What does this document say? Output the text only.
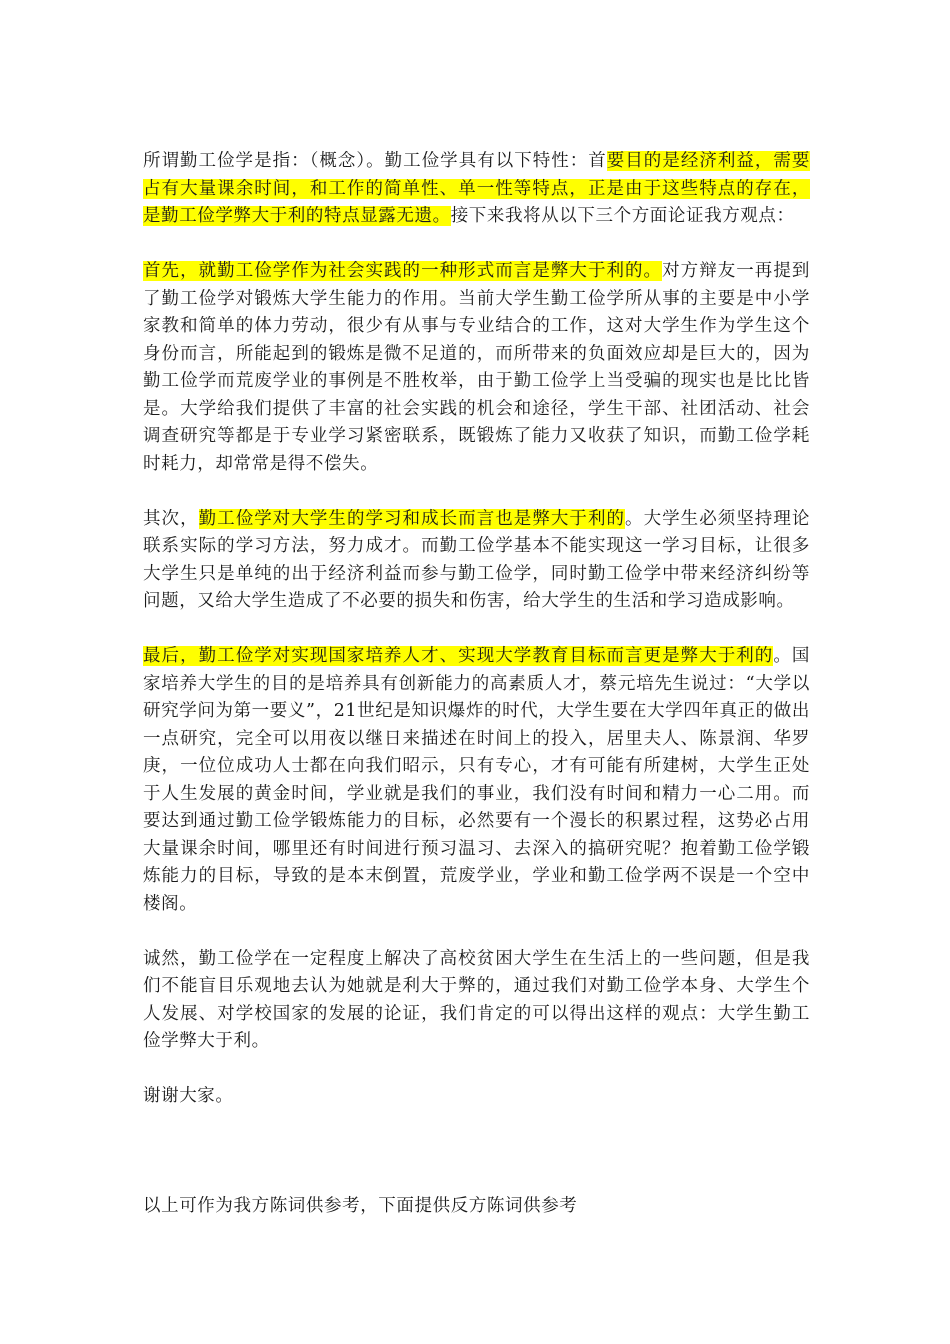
所谓勤工俭学是指：（概念）。勤工俭学具有以下特性：首要目的是经济利益，需要占有大量课余时间，和工作的简单性、单一性等特点，正是由于这些特点的存在，是勤工俭学弊大于利的特点显露无遗。接下来我将从以下三个方面论证我方观点：

首先，就勤工俭学作为社会实践的一种形式而言是弊大于利的。对方辩友一再提到了勤工俭学对锻炼大学生能力的作用。当前大学生勤工俭学所从事的主要是中小学家教和简单的体力劳动，很少有从事与专业结合的工作，这对大学生作为学生这个身份而言，所能起到的锻炼是微不足道的，而所带来的负面效应却是巨大的，因为勤工俭学而荒废学业的事例是不胜枚举，由于勤工俭学上当受骗的现实也是比比皆是。大学给我们提供了丰富的社会实践的机会和途径，学生干部、社团活动、社会调查研究等都是于专业学习紧密联系，既锻炼了能力又收获了知识，而勤工俭学耗时耗力，却常常是得不偿失。

其次，勤工俭学对大学生的学习和成长而言也是弊大于利的。大学生必须坚持理论联系实际的学习方法，努力成才。而勤工俭学基本不能实现这一学习目标，让很多大学生只是单纯的出于经济利益而参与勤工俭学，同时勤工俭学中带来经济纠纷等问题，又给大学生造成了不必要的损失和伤害，给大学生的生活和学习造成影响。

最后，勤工俭学对实现国家培养人才、实现大学教育目标而言更是弊大于利的。国家培养大学生的目的是培养具有创新能力的高素质人才，蔡元培先生说过：“大学以研究学问为第一要义”，21世纪是知识爆炸的时代，大学生要在大学四年真正的做出一点研究，完全可以用夜以继日来描述在时间上的投入，居里夫人、陈景润、华罗庚，一位位成功人士都在向我们昭示，只有专心，才有可能有所建树，大学生正处于人生发展的黄金时间，学业就是我们的事业，我们没有时间和精力一心二用。而要达到通过勤工俭学锻炼能力的目标，必然要有一个漫长的积累过程，这势必占用大量课余时间，哪里还有时间进行预习温习、去深入的搞研究呢？抱着勤工俭学锻炼能力的目标，导致的是本末倒置，荒废学业，学业和勤工俭学两不误是一个空中楼阁。

诚然，勤工俭学在一定程度上解决了高校贫困大学生在生活上的一些问题，但是我们不能盲目乐观地去认为她就是利大于弊的，通过我们对勤工俭学本身、大学生个人发展、对学校国家的发展的论证，我们肯定的可以得出这样的观点：大学生勤工俭学弊大于利。

谢谢大家。

以上可作为我方陈词供参考，下面提供反方陈词供参考
